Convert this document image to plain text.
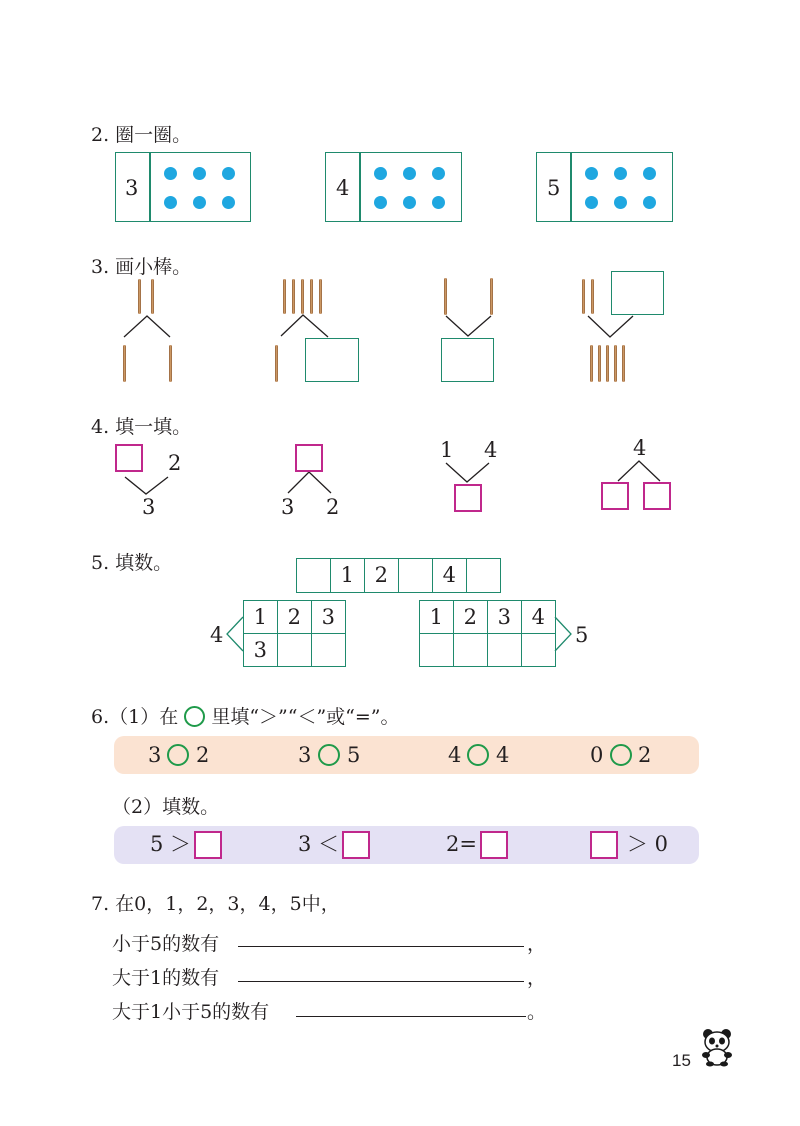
2. 圈一圈。
3	4	5
3. 画小棒。
4. 填一填。
2
3	3 2
1 4	4
5. 填数。
1 2	4
4
1 2 3
3
1 2 3 4
5
6.（1）在 里填“＞”“＜”或“=”。
3 2	3 5	4 4	0 2
（2）填数。
5 ＞	3 ＜	2=	＞ 0
7. 在0，1，2，3，4，5中，
小于5的数有	，
大于1的数有	，
大于1小于5的数有	。
15
